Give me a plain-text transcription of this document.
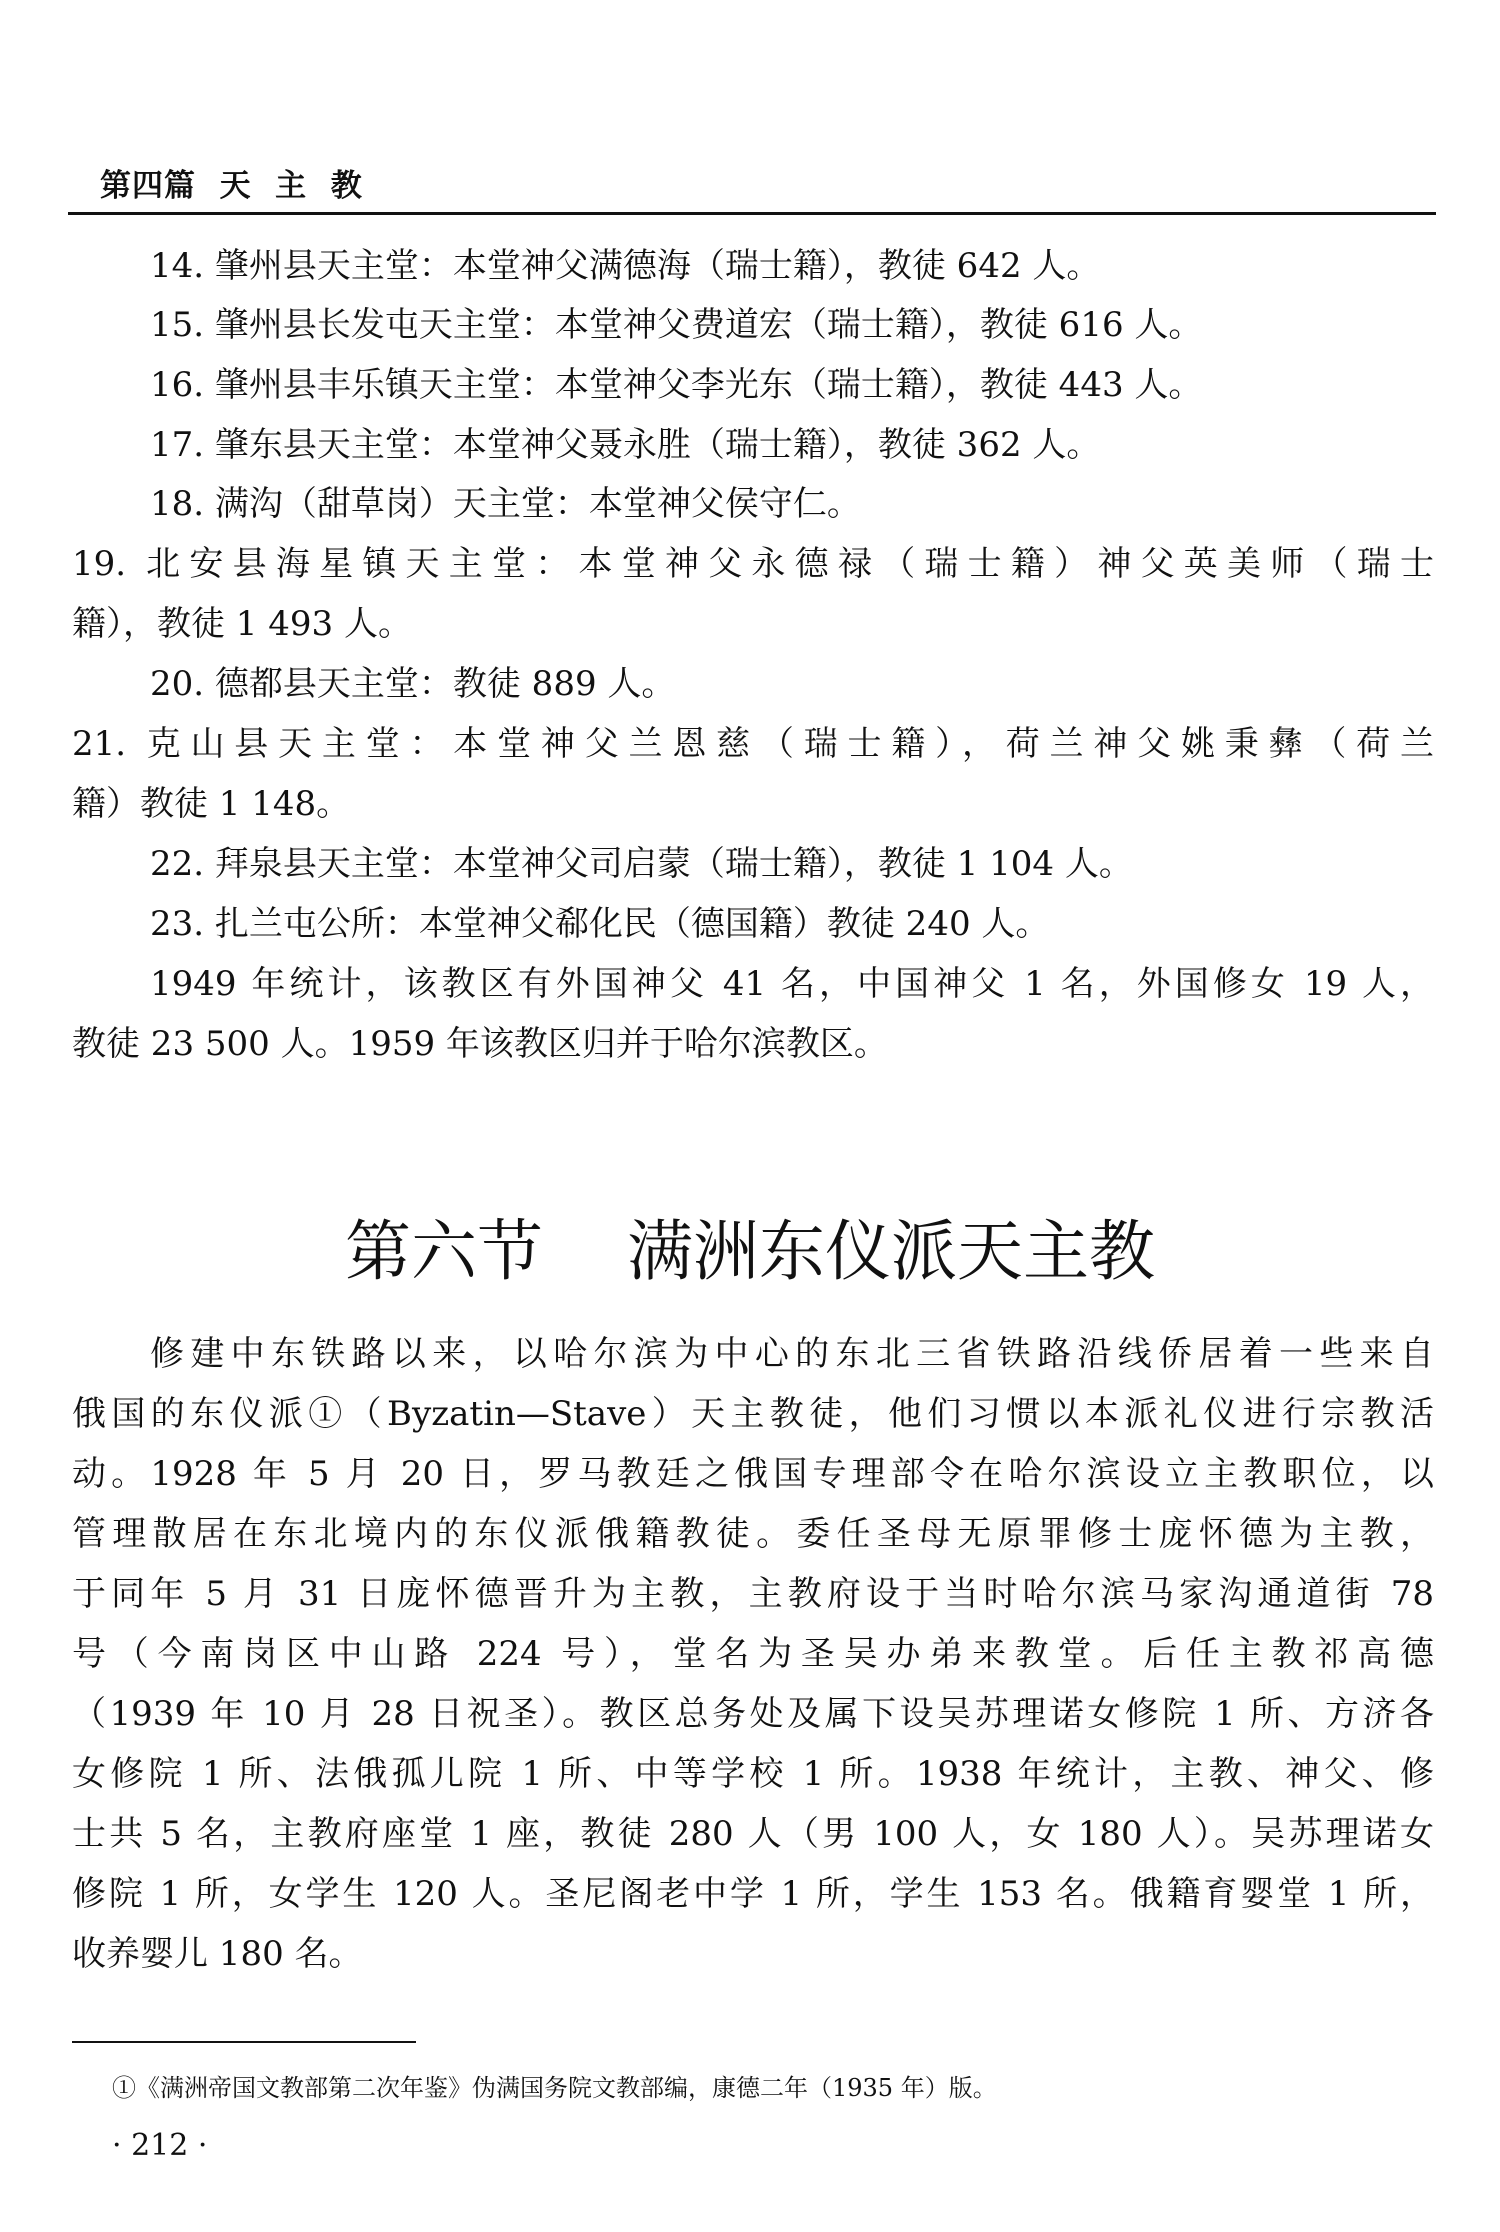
第四篇  天  主  教
14. 肇州县天主堂：本堂神父满德海（瑞士籍），教徒 642 人。
15. 肇州县长发屯天主堂：本堂神父费道宏（瑞士籍），教徒 616 人。
16. 肇州县丰乐镇天主堂：本堂神父李光东（瑞士籍），教徒 443 人。
17. 肇东县天主堂：本堂神父聂永胜（瑞士籍），教徒 362 人。
18. 满沟（甜草岗）天主堂：本堂神父侯守仁。
19. 北安县海星镇天主堂：本堂神父永德禄（瑞士籍）神父英美师（瑞士
籍），教徒 1 493 人。
20. 德都县天主堂：教徒 889 人。
21. 克山县天主堂：本堂神父兰恩慈（瑞士籍），荷兰神父姚秉彝（荷兰
籍）教徒 1 148。
22. 拜泉县天主堂：本堂神父司启蒙（瑞士籍），教徒 1 104 人。
23. 扎兰屯公所：本堂神父郗化民（德国籍）教徒 240 人。
1949 年统计，该教区有外国神父 41 名，中国神父 1 名，外国修女 19 人，
教徒 23 500 人。1959 年该教区归并于哈尔滨教区。
第六节    满洲东仪派天主教
修建中东铁路以来，以哈尔滨为中心的东北三省铁路沿线侨居着一些来自
俄国的东仪派①（Byzatin—Stave）天主教徒，他们习惯以本派礼仪进行宗教活
动。1928 年 5 月 20 日，罗马教廷之俄国专理部令在哈尔滨设立主教职位，以
管理散居在东北境内的东仪派俄籍教徒。委任圣母无原罪修士庞怀德为主教，
于同年 5 月 31 日庞怀德晋升为主教，主教府设于当时哈尔滨马家沟通道街 78
号（今南岗区中山路 224 号），堂名为圣吴办弟来教堂。后任主教祁高德
（1939 年 10 月 28 日祝圣）。教区总务处及属下设吴苏理诺女修院 1 所、方济各
女修院 1 所、法俄孤儿院 1 所、中等学校 1 所。1938 年统计，主教、神父、修
士共 5 名，主教府座堂 1 座，教徒 280 人（男 100 人，女 180 人）。吴苏理诺女
修院 1 所，女学生 120 人。圣尼阁老中学 1 所，学生 153 名。俄籍育婴堂 1 所，
收养婴儿 180 名。
①《满洲帝国文教部第二次年鉴》伪满国务院文教部编，康德二年（1935 年）版。
· 212 ·
